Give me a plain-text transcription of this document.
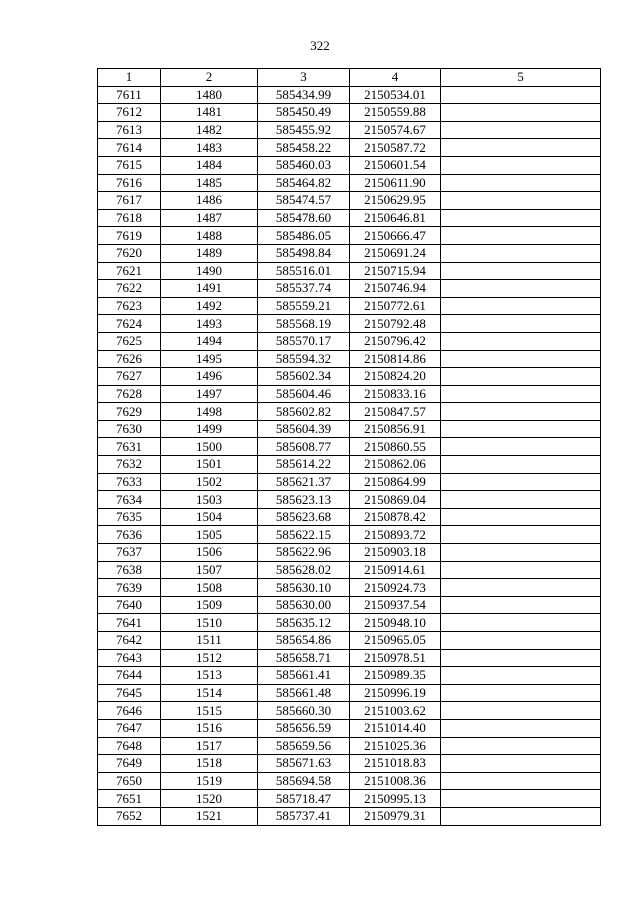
322
1	2	3	4	5
7611	1480	585434.99	2150534.01	
7612	1481	585450.49	2150559.88	
7613	1482	585455.92	2150574.67	
7614	1483	585458.22	2150587.72	
7615	1484	585460.03	2150601.54	
7616	1485	585464.82	2150611.90	
7617	1486	585474.57	2150629.95	
7618	1487	585478.60	2150646.81	
7619	1488	585486.05	2150666.47	
7620	1489	585498.84	2150691.24	
7621	1490	585516.01	2150715.94	
7622	1491	585537.74	2150746.94	
7623	1492	585559.21	2150772.61	
7624	1493	585568.19	2150792.48	
7625	1494	585570.17	2150796.42	
7626	1495	585594.32	2150814.86	
7627	1496	585602.34	2150824.20	
7628	1497	585604.46	2150833.16	
7629	1498	585602.82	2150847.57	
7630	1499	585604.39	2150856.91	
7631	1500	585608.77	2150860.55	
7632	1501	585614.22	2150862.06	
7633	1502	585621.37	2150864.99	
7634	1503	585623.13	2150869.04	
7635	1504	585623.68	2150878.42	
7636	1505	585622.15	2150893.72	
7637	1506	585622.96	2150903.18	
7638	1507	585628.02	2150914.61	
7639	1508	585630.10	2150924.73	
7640	1509	585630.00	2150937.54	
7641	1510	585635.12	2150948.10	
7642	1511	585654.86	2150965.05	
7643	1512	585658.71	2150978.51	
7644	1513	585661.41	2150989.35	
7645	1514	585661.48	2150996.19	
7646	1515	585660.30	2151003.62	
7647	1516	585656.59	2151014.40	
7648	1517	585659.56	2151025.36	
7649	1518	585671.63	2151018.83	
7650	1519	585694.58	2151008.36	
7651	1520	585718.47	2150995.13	
7652	1521	585737.41	2150979.31	
